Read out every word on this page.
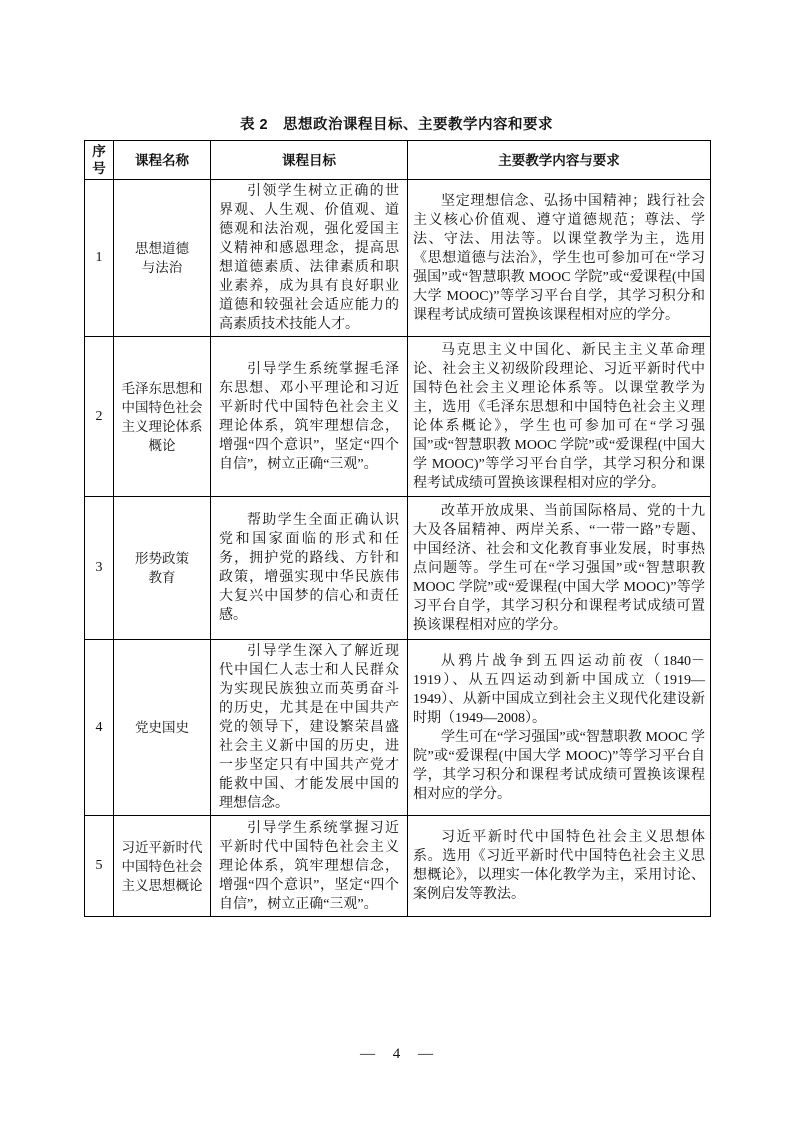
表 2　思想政治课程目标、主要教学内容和要求
序号	课程名称	课程目标	主要教学内容与要求
1	思想道德
与法治	引领学生树立正确的世界观、人生观、价值观、道德观和法治观，强化爱国主义精神和感恩理念，提高思想道德素质、法律素质和职业素养，成为具有良好职业道德和较强社会适应能力的高素质技术技能人才。	坚定理想信念、弘扬中国精神；践行社会主义核心价值观、遵守道德规范；尊法、学法、守法、用法等。以课堂教学为主，选用《思想道德与法治》，学生也可参加可在“学习强国”或“智慧职教 MOOC 学院”或“爱课程(中国大学 MOOC)”等学习平台自学，其学习积分和课程考试成绩可置换该课程相对应的学分。

2	毛泽东思想和
中国特色社会
主义理论体系
概论	引导学生系统掌握毛泽东思想、邓小平理论和习近平新时代中国特色社会主义理论体系，筑牢理想信念，增强“四个意识”，坚定“四个自信”，树立正确“三观”。	马克思主义中国化、新民主主义革命理论、社会主义初级阶段理论、习近平新时代中国特色社会主义理论体系等。以课堂教学为主，选用《毛泽东思想和中国特色社会主义理论体系概论》，学生也可参加可在“学习强国”或“智慧职教 MOOC 学院”或“爱课程(中国大学 MOOC)”等学习平台自学，其学习积分和课程考试成绩可置换该课程相对应的学分。

3	形势政策
教育	帮助学生全面正确认识党和国家面临的形式和任务，拥护党的路线、方针和政策，增强实现中华民族伟大复兴中国梦的信心和责任感。	改革开放成果、当前国际格局、党的十九大及各届精神、两岸关系、“一带一路”专题、中国经济、社会和文化教育事业发展，时事热点问题等。学生可在“学习强国”或“智慧职教 MOOC 学院”或“爱课程(中国大学 MOOC)”等学习平台自学，其学习积分和课程考试成绩可置换该课程相对应的学分。

4	党史国史	引导学生深入了解近现代中国仁人志士和人民群众为实现民族独立而英勇奋斗的历史，尤其是在中国共产党的领导下，建设繁荣昌盛社会主义新中国的历史，进一步坚定只有中国共产党才能救中国、才能发展中国的理想信念。	从鸦片战争到五四运动前夜（1840－1919）、从五四运动到新中国成立（1919—1949）、从新中国成立到社会主义现代化建设新时期（1949—2008）。

学生可在“学习强国”或“智慧职教 MOOC 学院”或“爱课程(中国大学 MOOC)”等学习平台自学，其学习积分和课程考试成绩可置换该课程相对应的学分。

5	习近平新时代
中国特色社会
主义思想概论	引导学生系统掌握习近平新时代中国特色社会主义理论体系，筑牢理想信念，增强“四个意识”，坚定“四个自信”，树立正确“三观”。	习近平新时代中国特色社会主义思想体系。选用《习近平新时代中国特色社会主义思想概论》，以理实一体化教学为主，采用讨论、案例启发等教法。

— 4 —
